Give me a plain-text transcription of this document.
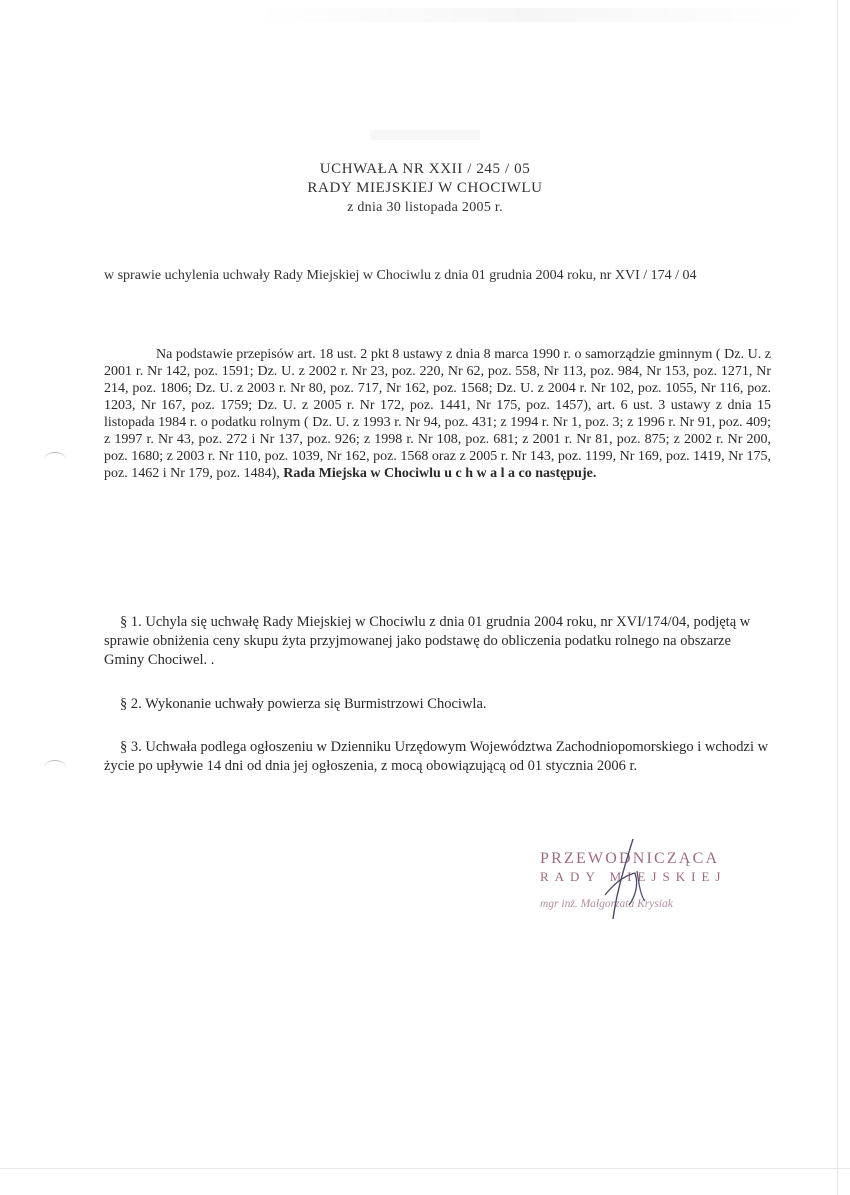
UCHWAŁA NR XXII / 245 / 05
RADY MIEJSKIEJ W CHOCIWLU
z dnia 30 listopada 2005 r.
w sprawie uchylenia uchwały Rady Miejskiej w Chociwlu z dnia 01 grudnia 2004 roku, nr XVI / 174 / 04
Na podstawie przepisów art. 18 ust. 2 pkt 8 ustawy z dnia 8 marca 1990 r. o samorządzie gminnym ( Dz. U. z 2001 r. Nr 142, poz. 1591; Dz. U. z 2002 r. Nr 23, poz. 220, Nr 62, poz. 558, Nr 113, poz. 984, Nr 153, poz. 1271, Nr 214, poz. 1806; Dz. U. z 2003 r. Nr 80, poz. 717, Nr 162, poz. 1568; Dz. U. z 2004 r. Nr 102, poz. 1055, Nr 116, poz. 1203, Nr 167, poz. 1759; Dz. U. z 2005 r. Nr 172, poz. 1441, Nr 175, poz. 1457), art. 6 ust. 3 ustawy z dnia 15 listopada 1984 r. o podatku rolnym ( Dz. U. z 1993 r. Nr 94, poz. 431; z 1994 r. Nr 1, poz. 3; z 1996 r. Nr 91, poz. 409; z 1997 r. Nr 43, poz. 272 i Nr 137, poz. 926; z 1998 r. Nr 108, poz. 681; z 2001 r. Nr 81, poz. 875; z 2002 r. Nr 200, poz. 1680; z 2003 r. Nr 110, poz. 1039, Nr 162, poz. 1568 oraz z 2005 r. Nr 143, poz. 1199, Nr 169, poz. 1419, Nr 175, poz. 1462 i Nr 179, poz. 1484), Rada Miejska w Chociwlu u c h w a l a co następuje.
§ 1. Uchyla się uchwałę Rady Miejskiej w Chociwlu z dnia 01 grudnia 2004 roku, nr XVI/174/04, podjętą w sprawie obniżenia ceny skupu żyta przyjmowanej jako podstawę do obliczenia podatku rolnego na obszarze Gminy Chociwel. .
§ 2. Wykonanie uchwały powierza się Burmistrzowi Chociwla.
§ 3. Uchwała podlega ogłoszeniu w Dzienniku Urzędowym Województwa Zachodniopomorskiego i wchodzi w życie po upływie 14 dni od dnia jej ogłoszenia, z mocą obowiązującą od 01 stycznia 2006 r.
PRZEWODNICZĄCA
RADY MIEJSKIEJ
mgr inż. Małgorzata Krysiak
